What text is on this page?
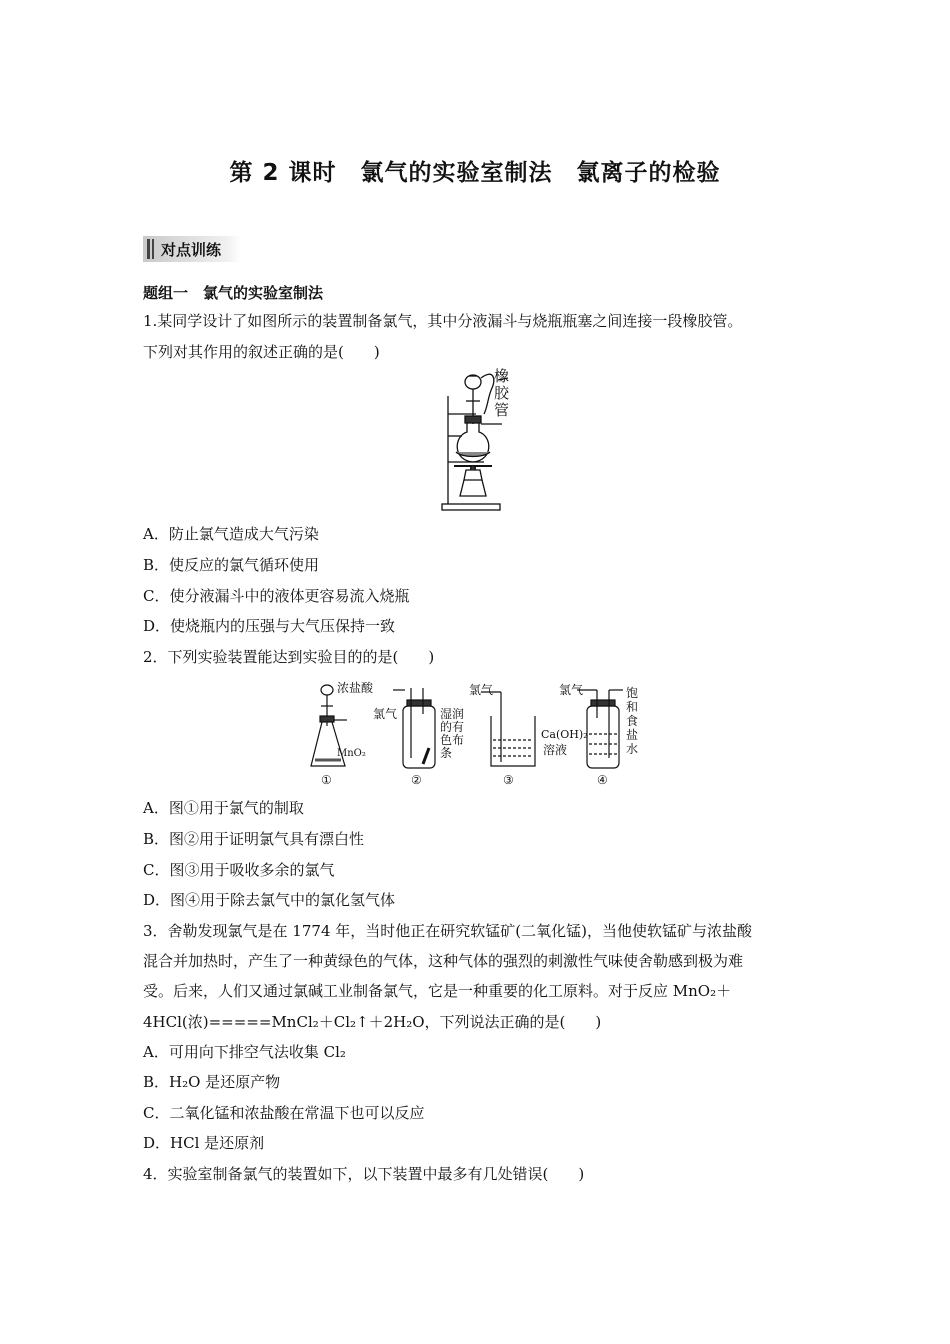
第 2 课时　氯气的实验室制法　氯离子的检验
对点训练
题组一　氯气的实验室制法
1.某同学设计了如图所示的装置制备氯气，其中分液漏斗与烧瓶瓶塞之间连接一段橡胶管。
下列对其作用的叙述正确的是(　　)
橡
胶
管
A．防止氯气造成大气污染
B．使反应的氯气循环使用
C．使分液漏斗中的液体更容易流入烧瓶
D．使烧瓶内的压强与大气压保持一致
2．下列实验装置能达到实验目的的是(　　)
浓盐酸
MnO₂
氯气
氯气
Ca(OH)₂
溶液
氯气
①	②	③	④
湿润
的有
色布
条
饱
和
食
盐
水
A．图①用于氯气的制取
B．图②用于证明氯气具有漂白性
C．图③用于吸收多余的氯气
D．图④用于除去氯气中的氯化氢气体
3．舍勒发现氯气是在 1774 年，当时他正在研究软锰矿(二氧化锰)，当他使软锰矿与浓盐酸
混合并加热时，产生了一种黄绿色的气体，这种气体的强烈的刺激性气味使舍勒感到极为难
受。后来，人们又通过氯碱工业制备氯气，它是一种重要的化工原料。对于反应 MnO₂＋
4HCl(浓)=====MnCl₂＋Cl₂↑＋2H₂O，下列说法正确的是(　　)
A．可用向下排空气法收集 Cl₂
B．H₂O 是还原产物
C．二氧化锰和浓盐酸在常温下也可以反应
D．HCl 是还原剂
4．实验室制备氯气的装置如下，以下装置中最多有几处错误(　　)
